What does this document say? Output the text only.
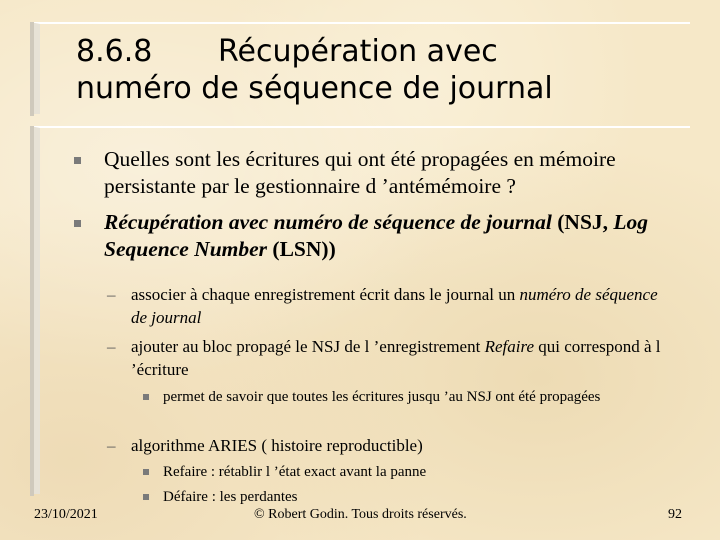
8.6.8 Récupération avec
numéro de séquence de journal
Quelles sont les écritures qui ont été propagées en mémoire persistante par le gestionnaire d ’antémémoire ?
Récupération avec numéro de séquence de journal (NSJ, Log Sequence Number (LSN))
– associer à chaque enregistrement écrit dans le journal un numéro de séquence de journal
– ajouter au bloc propagé le NSJ de l ’enregistrement Refaire qui correspond à l ’écriture
permet de savoir que toutes les écritures jusqu ’au NSJ ont été propagées
– algorithme ARIES ( histoire reproductible)
Refaire : rétablir l ’état exact avant la panne
Défaire : les perdantes
23/10/2021	© Robert Godin. Tous droits réservés.	92
